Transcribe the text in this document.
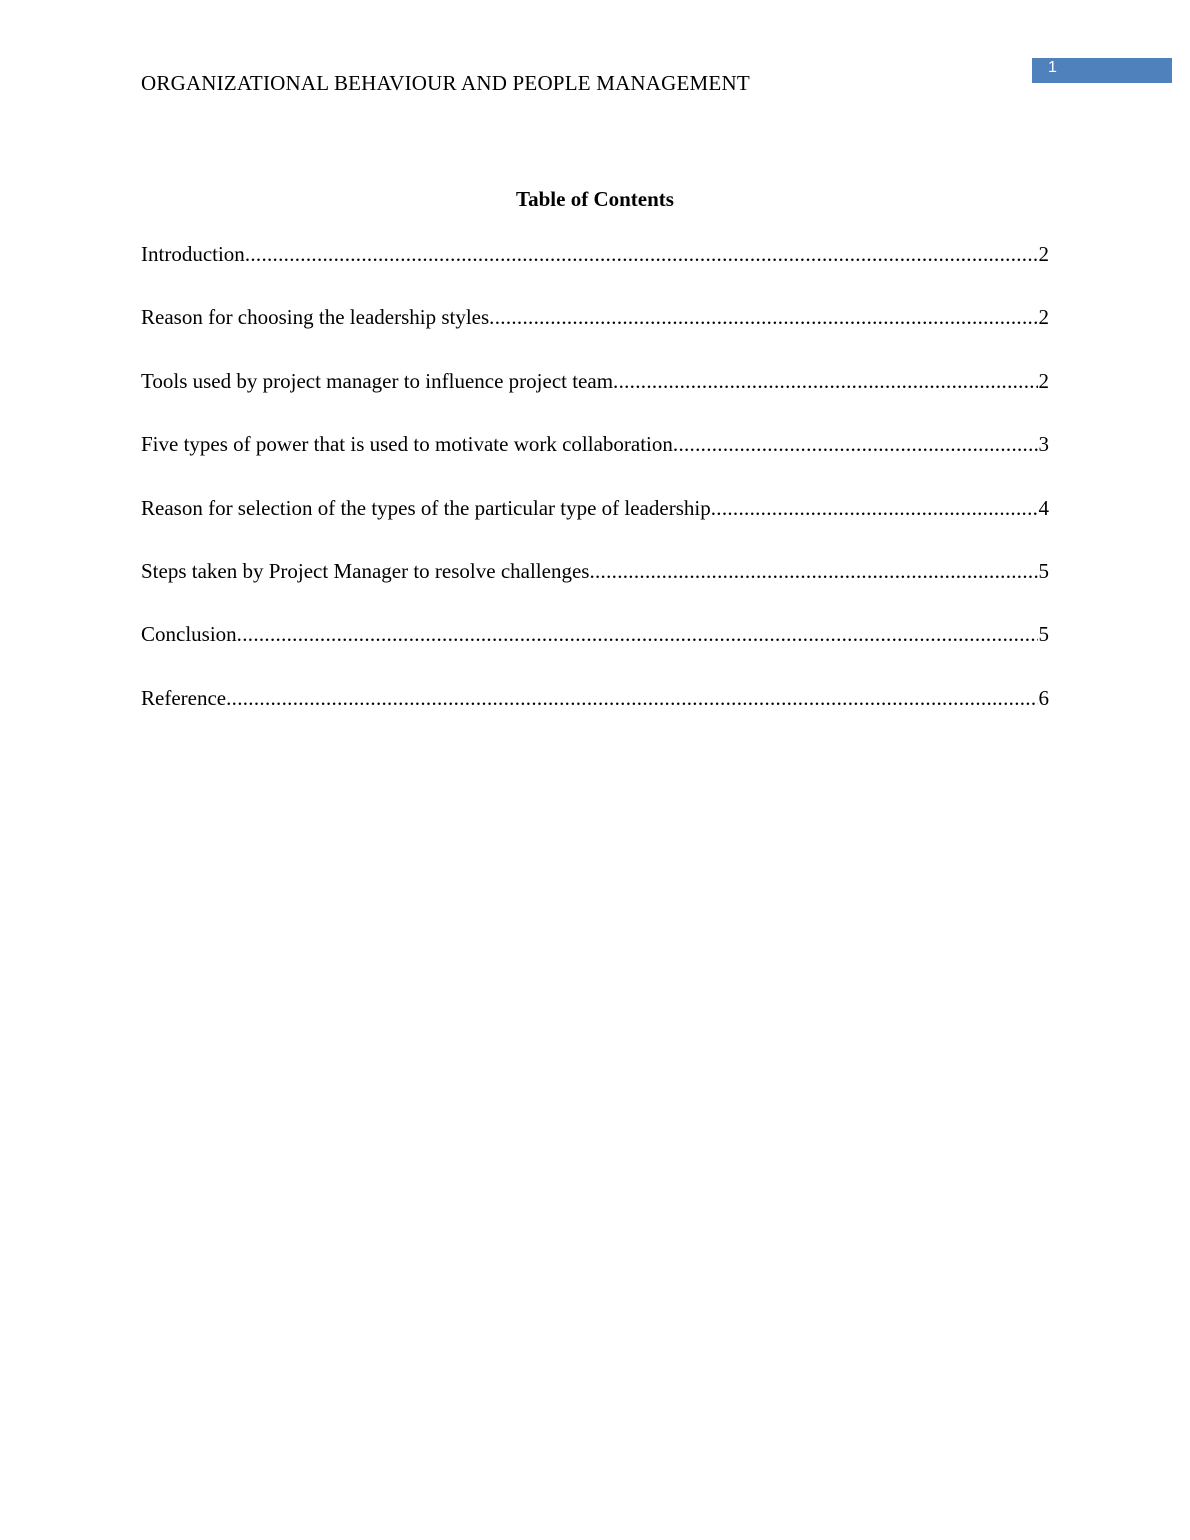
ORGANIZATIONAL BEHAVIOUR AND PEOPLE MANAGEMENT
1
Table of Contents
Introduction .....	2
Reason for choosing the leadership styles .....	2
Tools used by project manager to influence project team .....	2
Five types of power that is used to motivate work collaboration .....	3
Reason for selection of the types of the particular type of leadership .....	4
Steps taken by Project Manager to resolve challenges .....	5
Conclusion .....	5
Reference .....	6
